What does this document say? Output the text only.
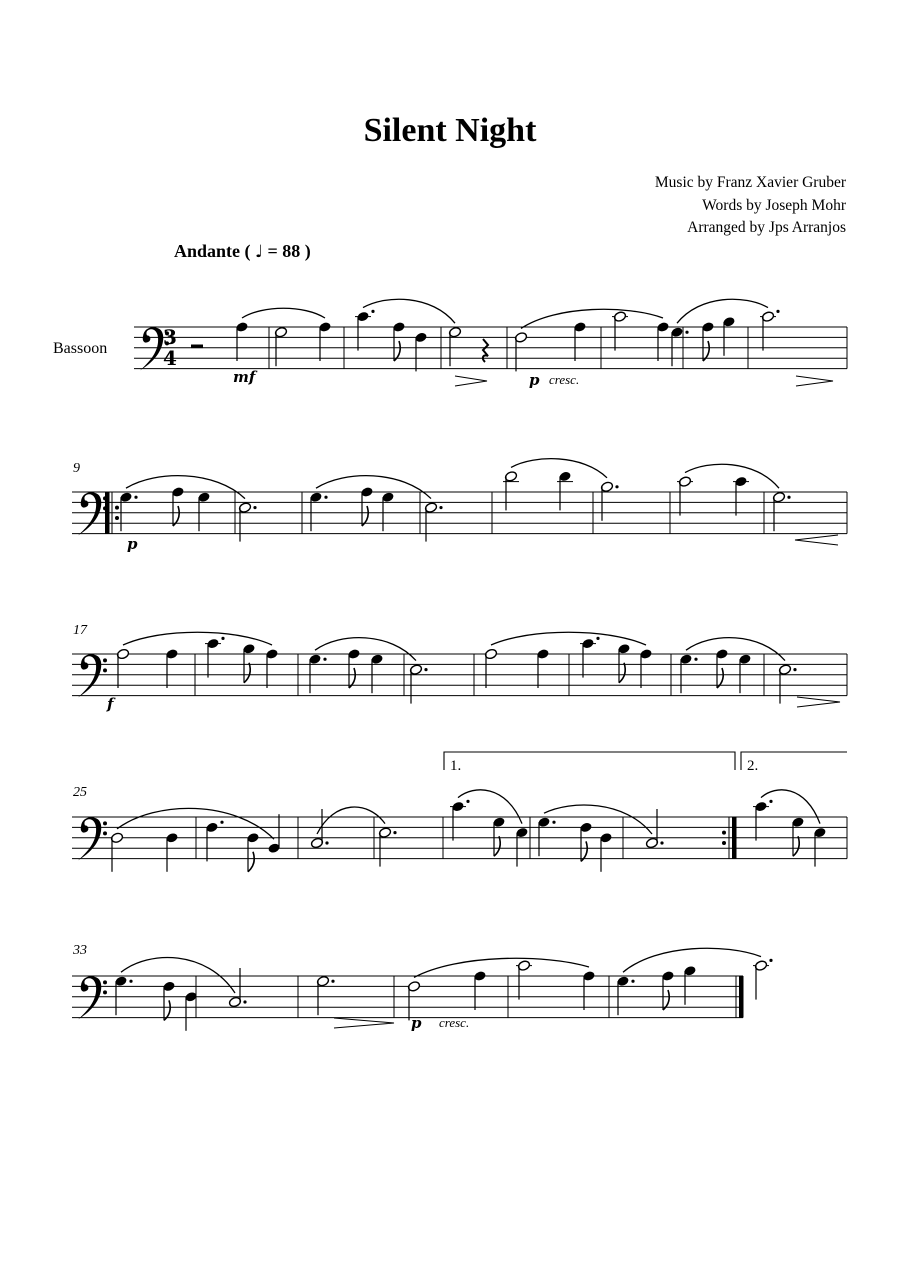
Silent Night
Music by Franz Xavier Gruber
Words by Joseph Mohr
Arranged by Jps Arranjos
Andante ( ♩ = 88 )
Bassoon	3
4
9
17
25
33
1.	2.
mf	p cresc.
p
f
p cresc.
